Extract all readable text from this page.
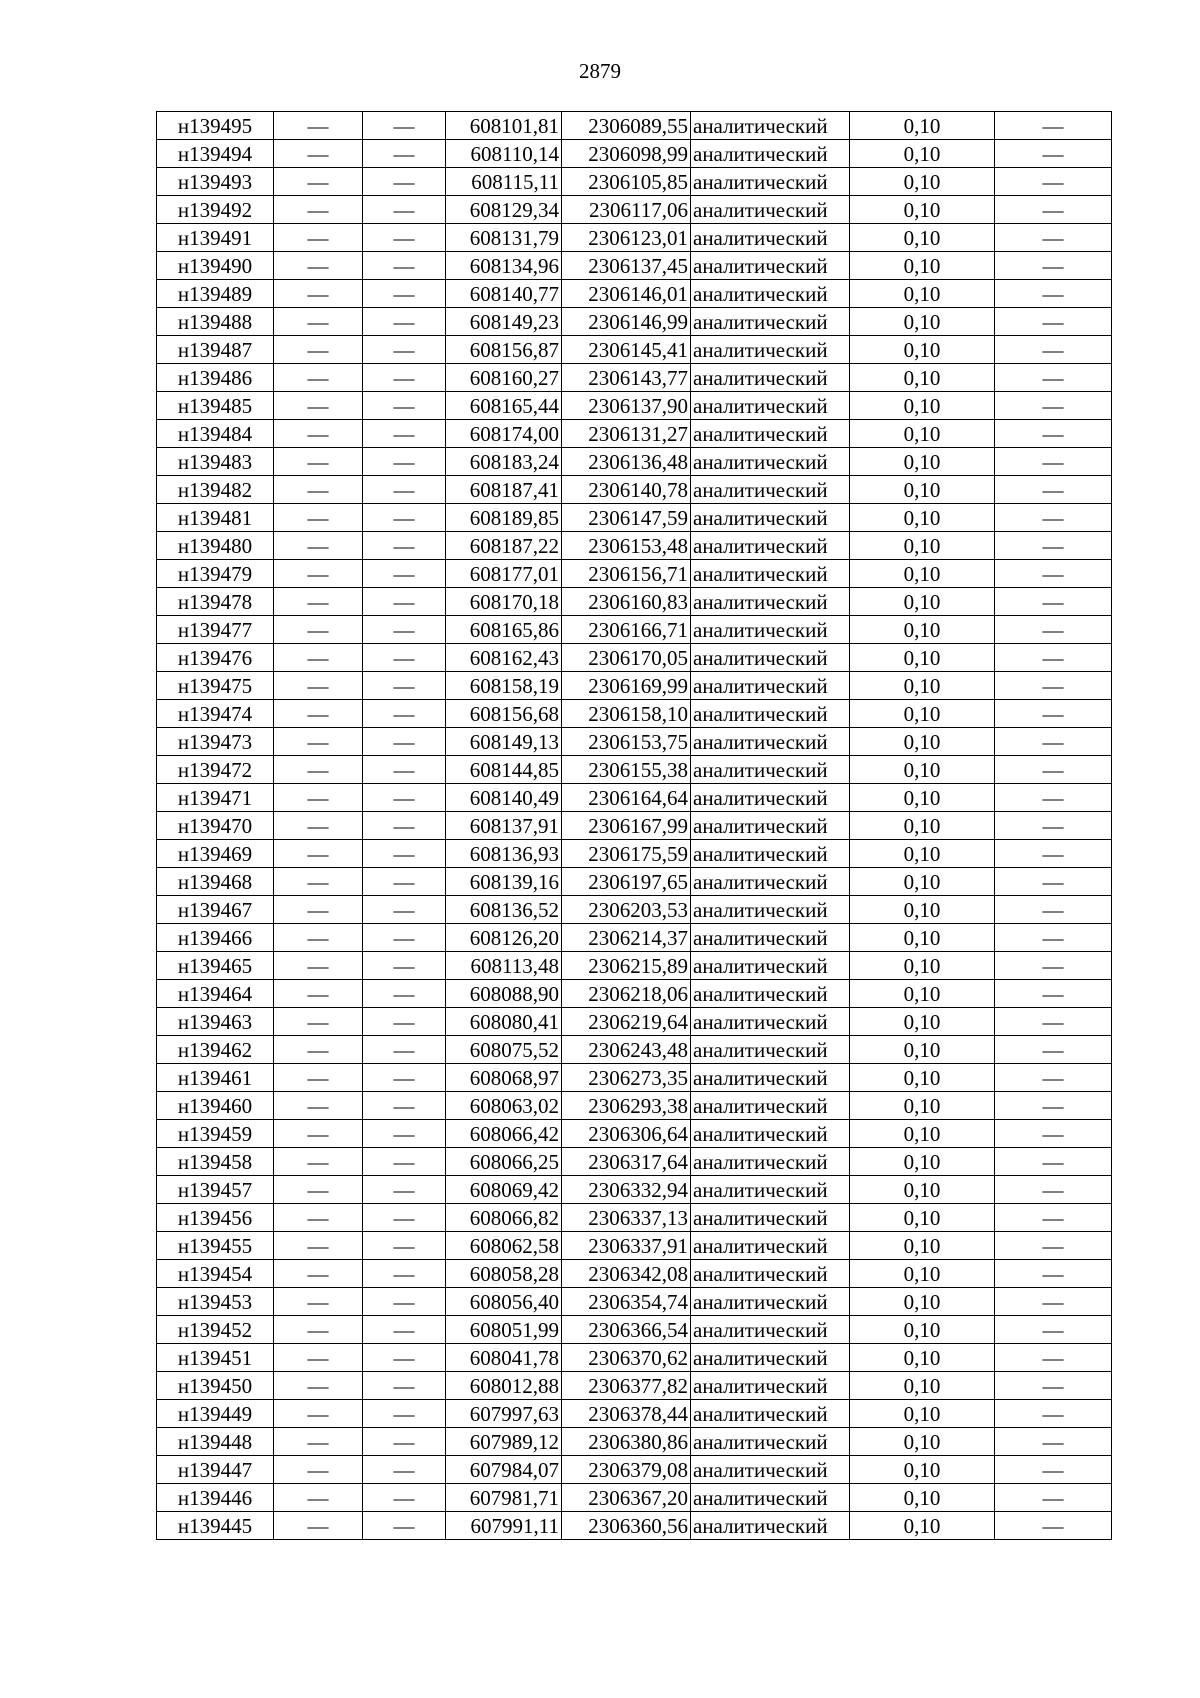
2879
н139495	—	—	608101,81	2306089,55	аналитический	0,10	—
н139494	—	—	608110,14	2306098,99	аналитический	0,10	—
н139493	—	—	608115,11	2306105,85	аналитический	0,10	—
н139492	—	—	608129,34	2306117,06	аналитический	0,10	—
н139491	—	—	608131,79	2306123,01	аналитический	0,10	—
н139490	—	—	608134,96	2306137,45	аналитический	0,10	—
н139489	—	—	608140,77	2306146,01	аналитический	0,10	—
н139488	—	—	608149,23	2306146,99	аналитический	0,10	—
н139487	—	—	608156,87	2306145,41	аналитический	0,10	—
н139486	—	—	608160,27	2306143,77	аналитический	0,10	—
н139485	—	—	608165,44	2306137,90	аналитический	0,10	—
н139484	—	—	608174,00	2306131,27	аналитический	0,10	—
н139483	—	—	608183,24	2306136,48	аналитический	0,10	—
н139482	—	—	608187,41	2306140,78	аналитический	0,10	—
н139481	—	—	608189,85	2306147,59	аналитический	0,10	—
н139480	—	—	608187,22	2306153,48	аналитический	0,10	—
н139479	—	—	608177,01	2306156,71	аналитический	0,10	—
н139478	—	—	608170,18	2306160,83	аналитический	0,10	—
н139477	—	—	608165,86	2306166,71	аналитический	0,10	—
н139476	—	—	608162,43	2306170,05	аналитический	0,10	—
н139475	—	—	608158,19	2306169,99	аналитический	0,10	—
н139474	—	—	608156,68	2306158,10	аналитический	0,10	—
н139473	—	—	608149,13	2306153,75	аналитический	0,10	—
н139472	—	—	608144,85	2306155,38	аналитический	0,10	—
н139471	—	—	608140,49	2306164,64	аналитический	0,10	—
н139470	—	—	608137,91	2306167,99	аналитический	0,10	—
н139469	—	—	608136,93	2306175,59	аналитический	0,10	—
н139468	—	—	608139,16	2306197,65	аналитический	0,10	—
н139467	—	—	608136,52	2306203,53	аналитический	0,10	—
н139466	—	—	608126,20	2306214,37	аналитический	0,10	—
н139465	—	—	608113,48	2306215,89	аналитический	0,10	—
н139464	—	—	608088,90	2306218,06	аналитический	0,10	—
н139463	—	—	608080,41	2306219,64	аналитический	0,10	—
н139462	—	—	608075,52	2306243,48	аналитический	0,10	—
н139461	—	—	608068,97	2306273,35	аналитический	0,10	—
н139460	—	—	608063,02	2306293,38	аналитический	0,10	—
н139459	—	—	608066,42	2306306,64	аналитический	0,10	—
н139458	—	—	608066,25	2306317,64	аналитический	0,10	—
н139457	—	—	608069,42	2306332,94	аналитический	0,10	—
н139456	—	—	608066,82	2306337,13	аналитический	0,10	—
н139455	—	—	608062,58	2306337,91	аналитический	0,10	—
н139454	—	—	608058,28	2306342,08	аналитический	0,10	—
н139453	—	—	608056,40	2306354,74	аналитический	0,10	—
н139452	—	—	608051,99	2306366,54	аналитический	0,10	—
н139451	—	—	608041,78	2306370,62	аналитический	0,10	—
н139450	—	—	608012,88	2306377,82	аналитический	0,10	—
н139449	—	—	607997,63	2306378,44	аналитический	0,10	—
н139448	—	—	607989,12	2306380,86	аналитический	0,10	—
н139447	—	—	607984,07	2306379,08	аналитический	0,10	—
н139446	—	—	607981,71	2306367,20	аналитический	0,10	—
н139445	—	—	607991,11	2306360,56	аналитический	0,10	—
